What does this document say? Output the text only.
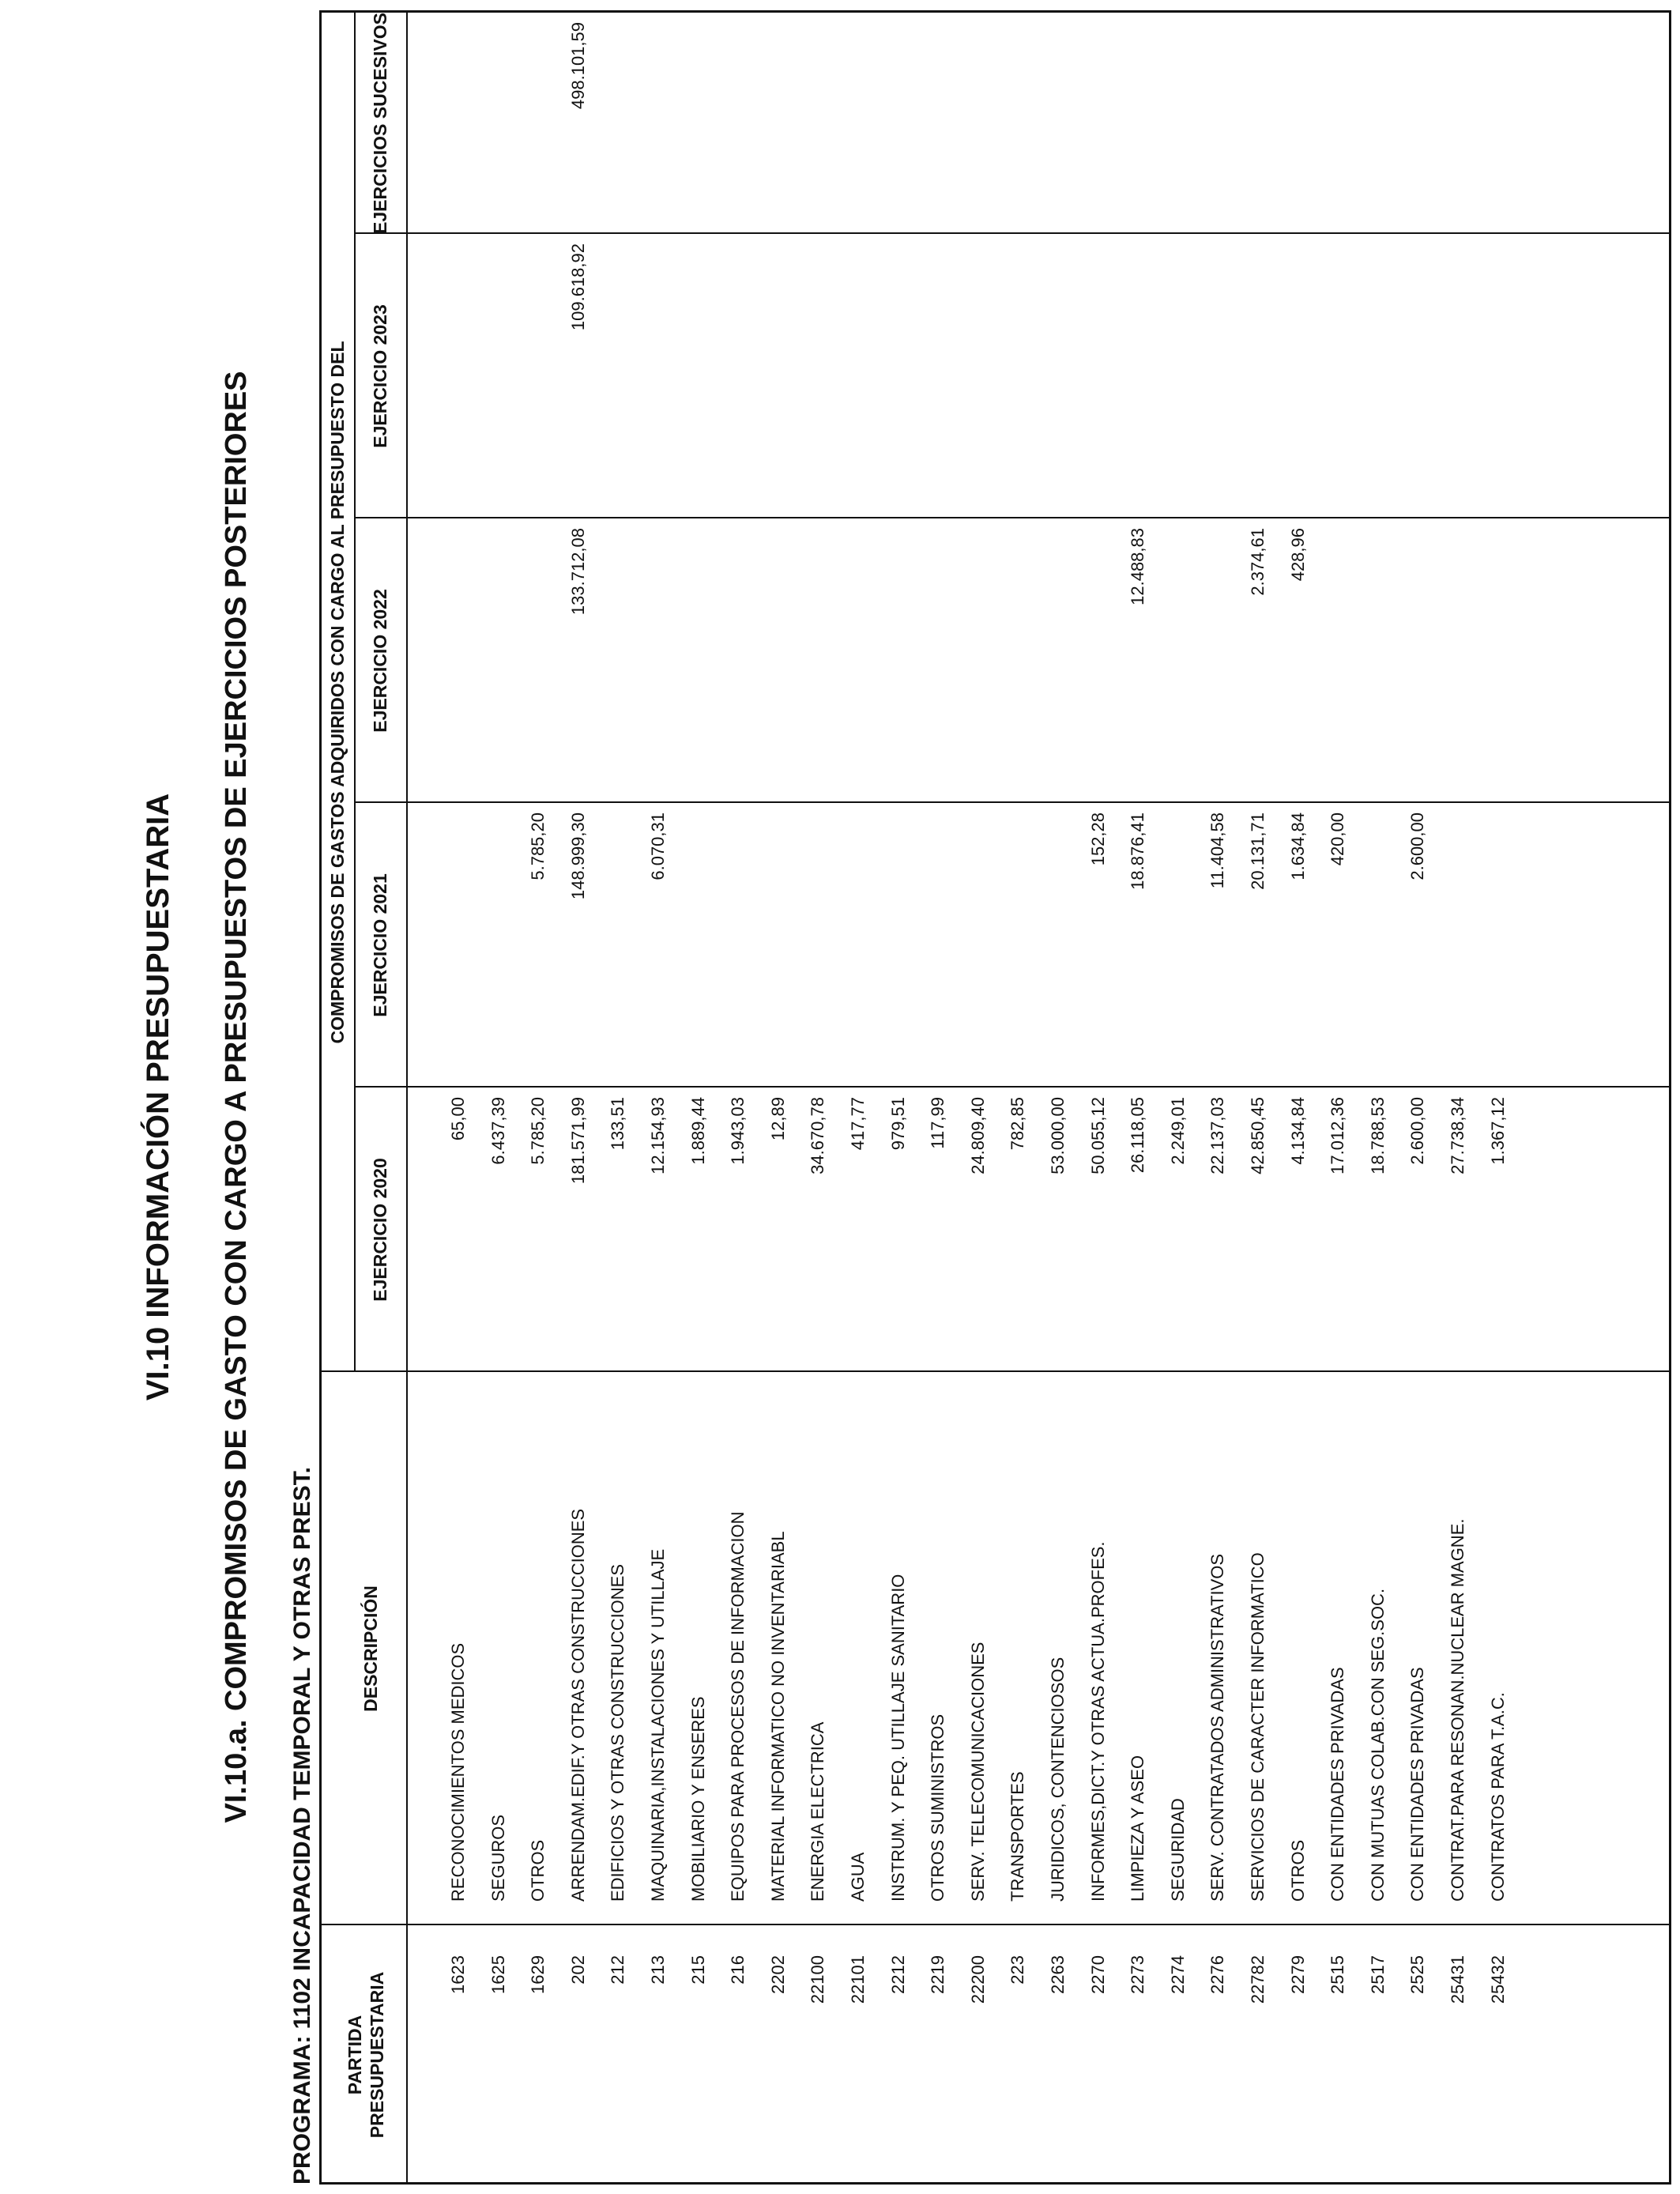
VI.10 INFORMACIÓN PRESUPUESTARIA VI.10.a. COMPROMISOS DE GASTO CON CARGO A PRESUPUESTOS DE EJERCICIOS POSTERIORES
PROGRAMA: 1102 INCAPACIDAD TEMPORAL Y OTRAS PREST. PARTIDA PRESUPUESTARIA
DESCRIPCIÓN
COMPROMISOS DE GASTOS ADQUIRIDOS CON CARGO AL PRESUPUESTO DEL
EJERCICIO 2020
EJERCICIO 2021
EJERCICIO 2022
EJERCICIO 2023
EJERCICIOS SUCESIVOS
1623
RECONOCIMIENTOS MEDICOS
65,00
1625
SEGUROS
6.437,39
1629
OTROS
5.785,20
5.785,20
202
ARRENDAM.EDIF.Y OTRAS CONSTRUCCIONES
181.571,99
148.999,30
133.712,08
109.618,92
498.101,59
212
EDIFICIOS Y OTRAS CONSTRUCCIONES
133,51
213
MAQUINARIA,INSTALACIONES Y UTILLAJE
12.154,93
6.070,31
215
MOBILIARIO Y ENSERES
1.889,44
216
EQUIPOS PARA PROCESOS DE INFORMACION
1.943,03
2202
MATERIAL INFORMATICO NO INVENTARIABL
12,89
22100
ENERGIA ELECTRICA
34.670,78
22101
AGUA
417,77
2212
INSTRUM. Y PEQ. UTILLAJE SANITARIO
979,51
2219
OTROS SUMINISTROS
117,99
22200
SERV. TELECOMUNICACIONES
24.809,40
223
TRANSPORTES
782,85
2263
JURIDICOS, CONTENCIOSOS
53.000,00
2270
INFORMES,DICT.Y OTRAS ACTUA.PROFES.
50.055,12
152,28
2273
LIMPIEZA Y ASEO
26.118,05
18.876,41
12.488,83
2274
SEGURIDAD
2.249,01
2276
SERV. CONTRATADOS ADMINISTRATIVOS
22.137,03
11.404,58
22782
SERVICIOS DE CARACTER INFORMATICO
42.850,45
20.131,71
2.374,61
2279
OTROS
4.134,84
1.634,84
428,96
2515
CON ENTIDADES PRIVADAS
17.012,36
420,00
2517
CON MUTUAS COLAB.CON SEG.SOC.
18.788,53
2525
CON ENTIDADES PRIVADAS
2.600,00
2.600,00
25431
CONTRAT.PARA RESONAN.NUCLEAR MAGNE.
27.738,34
25432
CONTRATOS PARA T.A.C.
1.367,12
